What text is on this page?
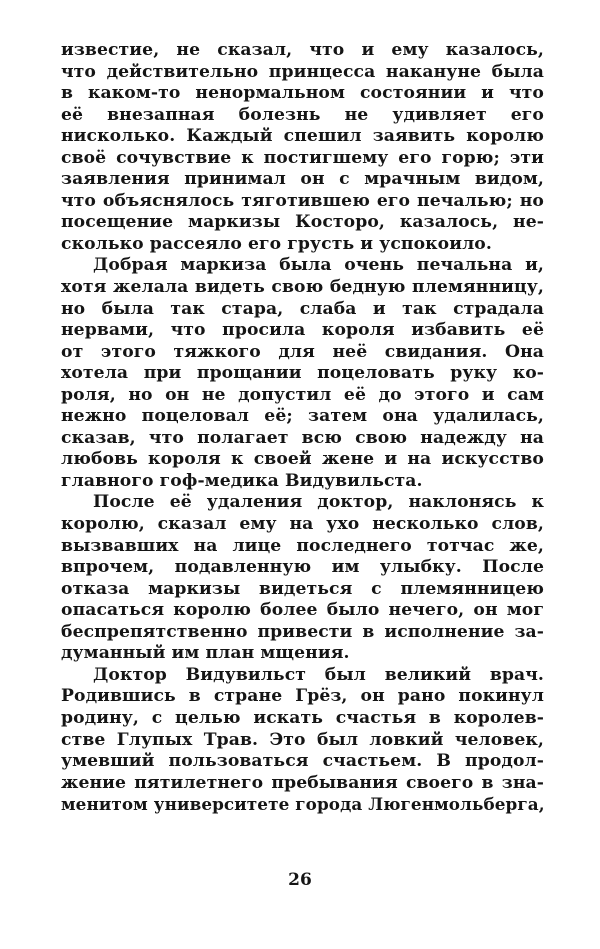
известие, не сказал, что и ему казалось,
что действительно принцесса накануне была
в каком-то ненормальном состоянии и что
её внезапная болезнь не удивляет его
нисколько. Каждый спешил заявить королю
своё сочувствие к постигшему его горю; эти
заявления принимал он с мрачным видом,
что объяснялось тяготившею его печалью; но
посещение маркизы Косторо, казалось, не-
сколько рассеяло его грусть и успокоило.
Добрая маркиза была очень печальна и,
хотя желала видеть свою бедную племянницу,
но была так стара, слаба и так страдала
нервами, что просила короля избавить её
от этого тяжкого для неё свидания. Она
хотела при прощании поцеловать руку ко-
роля, но он не допустил её до этого и сам
нежно поцеловал её; затем она удалилась,
сказав, что полагает всю свою надежду на
любовь короля к своей жене и на искусство
главного гоф-медика Видувильста.
После её удаления доктор, наклонясь к
королю, сказал ему на ухо несколько слов,
вызвавших на лице последнего тотчас же,
впрочем, подавленную им улыбку. После
отказа маркизы видеться с племянницею
опасаться королю более было нечего, он мог
беспрепятственно привести в исполнение за-
думанный им план мщения.
Доктор Видувильст был великий врач.
Родившись в стране Грёз, он рано покинул
родину, с целью искать счастья в королев-
стве Глупых Трав. Это был ловкий человек,
умевший пользоваться счастьем. В продол-
жение пятилетнего пребывания своего в зна-
менитом университете города Люгенмольберга,
26
